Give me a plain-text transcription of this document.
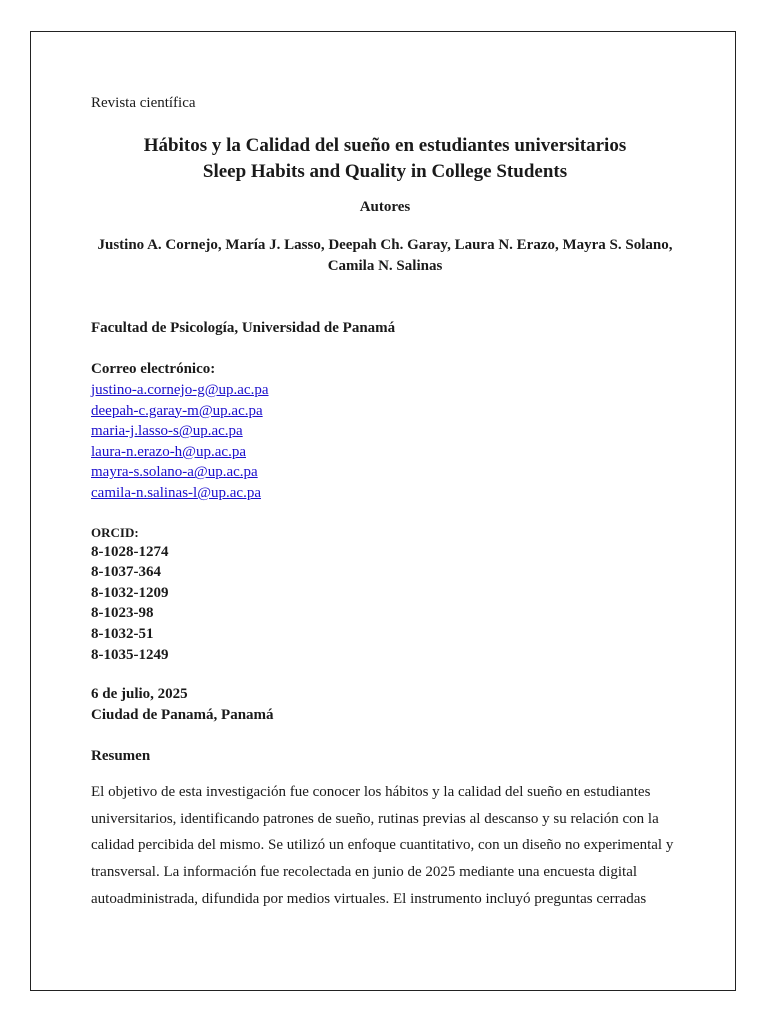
Revista científica

Hábitos y la Calidad del sueño en estudiantes universitarios
Sleep Habits and Quality in College Students

Autores

Justino A. Cornejo, María J. Lasso, Deepah Ch. Garay, Laura N. Erazo, Mayra S. Solano, Camila N. Salinas

Facultad de Psicología, Universidad de Panamá

Correo electrónico:

justino-a.cornejo-g@up.ac.pa
deepah-c.garay-m@up.ac.pa
maria-j.lasso-s@up.ac.pa
laura-n.erazo-h@up.ac.pa
mayra-s.solano-a@up.ac.pa
camila-n.salinas-l@up.ac.pa

ORCID:

8-1028-1274
8-1037-364
8-1032-1209
8-1023-98
8-1032-51
8-1035-1249
6 de julio, 2025
Ciudad de Panamá, Panamá

Resumen

El objetivo de esta investigación fue conocer los hábitos y la calidad del sueño en estudiantes universitarios, identificando patrones de sueño, rutinas previas al descanso y su relación con la calidad percibida del mismo. Se utilizó un enfoque cuantitativo, con un diseño no experimental y transversal. La información fue recolectada en junio de 2025 mediante una encuesta digital autoadministrada, difundida por medios virtuales. El instrumento incluyó preguntas cerradas
